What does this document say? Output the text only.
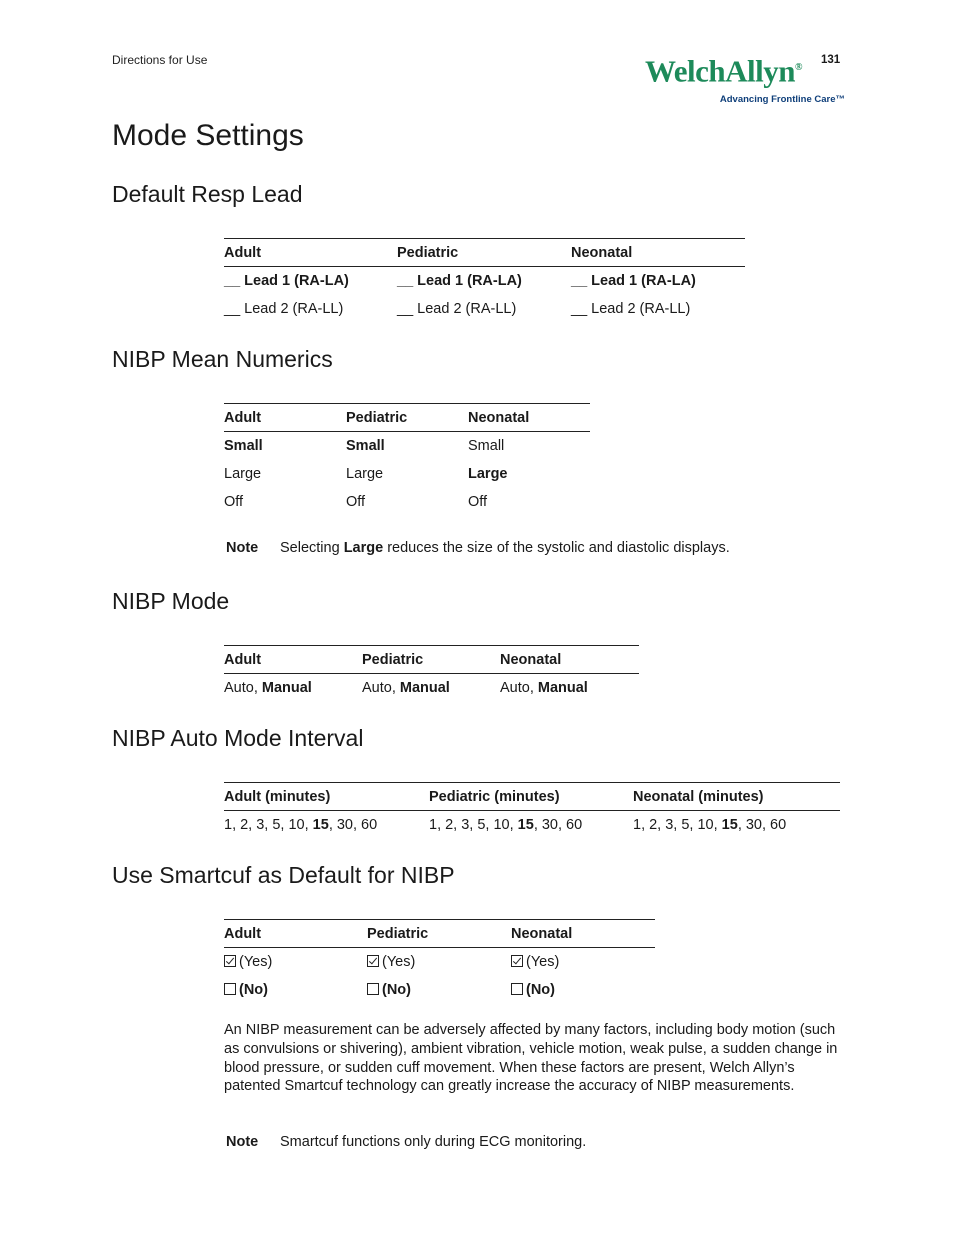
Directions for Use	WelchAllyn®
Advancing Frontline Care™
131
Mode Settings
Default Resp Lead
Adult	Pediatric	Neonatal
__ Lead 1 (RA-LA)	__ Lead 1 (RA-LA)	__ Lead 1 (RA-LA)
__ Lead 2 (RA-LL)	__ Lead 2 (RA-LL)	__ Lead 2 (RA-LL)
NIBP Mean Numerics
Adult	Pediatric	Neonatal
Small	Small	Small
Large	Large	Large
Off	Off	Off
Note Selecting Large reduces the size of the systolic and diastolic displays.
NIBP Mode
Adult	Pediatric	Neonatal
Auto, Manual	Auto, Manual	Auto, Manual
NIBP Auto Mode Interval
Adult (minutes)	Pediatric (minutes)	Neonatal (minutes)
1, 2, 3, 5, 10, 15, 30, 60	1, 2, 3, 5, 10, 15, 30, 60	1, 2, 3, 5, 10, 15, 30, 60
Use Smartcuf as Default for NIBP
Adult	Pediatric	Neonatal
(Yes)	(Yes)	(Yes)
(No)	(No)	(No)
An NIBP measurement can be adversely affected by many factors, including body motion (such as convulsions or shivering), ambient vibration, vehicle motion, weak pulse, a sudden change in blood pressure, or sudden cuff movement. When these factors are present, Welch Allyn’s patented Smartcuf technology can greatly increase the accuracy of NIBP measurements.
Note Smartcuf functions only during ECG monitoring.
